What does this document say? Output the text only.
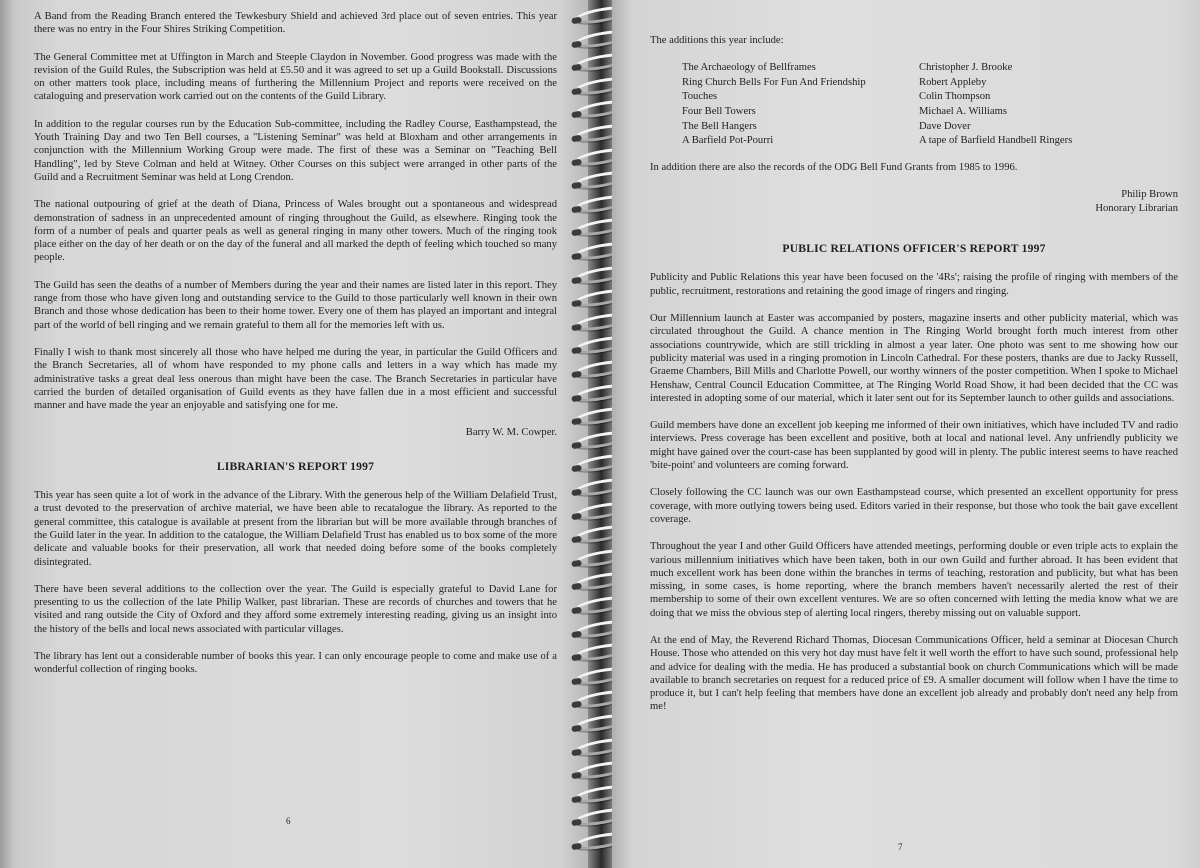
A Band from the Reading Branch entered the Tewkesbury Shield and achieved 3rd place out of seven entries. This year there was no entry in the Four Shires Striking Competition.

The General Committee met at Uffington in March and Steeple Claydon in November. Good progress was made with the revision of the Guild Rules, the Subscription was held at £5.50 and it was agreed to set up a Guild Bookstall. Discussions on other matters took place, including means of furthering the Millennium Project and reports were received on the cataloguing and preservation work carried out on the contents of the Guild Library.

In addition to the regular courses run by the Education Sub-committee, including the Radley Course, Easthampstead, the Youth Training Day and two Ten Bell courses, a "Listening Seminar" was held at Bloxham and other arrangements in conjunction with the Millennium Working Group were made. The first of these was a Seminar on "Teaching Bell Handling", led by Steve Colman and held at Witney. Other Courses on this subject were arranged in other parts of the Guild and a Recruitment Seminar was held at Long Crendon.

The national outpouring of grief at the death of Diana, Princess of Wales brought out a spontaneous and widespread demonstration of sadness in an unprecedented amount of ringing throughout the Guild, as elsewhere. Ringing took the form of a number of peals and quarter peals as well as general ringing in many other towers. Much of the ringing took place either on the day of her death or on the day of the funeral and all marked the depth of feeling which touched so many people.

The Guild has seen the deaths of a number of Members during the year and their names are listed later in this report. They range from those who have given long and outstanding service to the Guild to those particularly well known in their own Branch and those whose dedication has been to their home tower. Every one of them has played an important and integral part of the world of bell ringing and we remain grateful to them all for the memories left with us.

Finally I wish to thank most sincerely all those who have helped me during the year, in particular the Guild Officers and the Branch Secretaries, all of whom have responded to my phone calls and letters in a way which has made my administrative tasks a great deal less onerous than might have been the case. The Branch Secretaries in particular have carried the burden of detailed organisation of Guild events as they have fallen due in a most efficient and successful manner and have made the year an enjoyable and satisfying one for me.

Barry W. M. Cowper.
LIBRARIAN'S REPORT 1997

This year has seen quite a lot of work in the advance of the Library. With the generous help of the William Delafield Trust, a trust devoted to the preservation of archive material, we have been able to recatalogue the library. As reported to the general committee, this catalogue is available at present from the librarian but will be more available through branches of the Guild later in the year. In addition to the catalogue, the William Delafield Trust has enabled us to box some of the more delicate and valuable books for their preservation, all work that needed doing before some of the books completely disintegrated.

There have been several additions to the collection over the year. The Guild is especially grateful to David Lane for presenting to us the collection of the late Philip Walker, past librarian. These are records of churches and towers that he visited and rang outside the City of Oxford and they afford some extremely interesting reading, giving us an insight into the history of the bells and local news associated with particular villages.

The library has lent out a considerable number of books this year. I can only encourage people to come and make use of a wonderful collection of ringing books.

6

The additions this year include:

The Archaeology of Bellframes
Ring Church Bells For Fun And Friendship
Touches
Four Bell Towers
The Bell Hangers
A Barfield Pot-Pourri
Christopher J. Brooke
Robert Appleby
Colin Thompson
Michael A. Williams
Dave Dover
A tape of Barfield Handbell Ringers

In addition there are also the records of the ODG Bell Fund Grants from 1985 to 1996.

Philip Brown
Honorary Librarian
PUBLIC RELATIONS OFFICER'S REPORT 1997

Publicity and Public Relations this year have been focused on the '4Rs'; raising the profile of ringing with members of the public, recruitment, restorations and retaining the good image of ringers and ringing.

Our Millennium launch at Easter was accompanied by posters, magazine inserts and other publicity material, which was circulated throughout the Guild. A chance mention in The Ringing World brought forth much interest from other associations countrywide, which are still trickling in almost a year later. One photo was sent to me showing how our publicity material was used in a ringing promotion in Lincoln Cathedral. For these posters, thanks are due to Jacky Russell, Graeme Chambers, Bill Mills and Charlotte Powell, our worthy winners of the poster competition. When I spoke to Michael Henshaw, Central Council Education Committee, at The Ringing World Road Show, it had been decided that the CC was interested in adopting some of our material, which it later sent out for its September launch to other guilds and associations.

Guild members have done an excellent job keeping me informed of their own initiatives, which have included TV and radio interviews. Press coverage has been excellent and positive, both at local and national level. Any unfriendly publicity we might have gained over the court-case has been supplanted by good will in plenty. The public interest seems to have reached 'bite-point' and volunteers are coming forward.

Closely following the CC launch was our own Easthampstead course, which presented an excellent opportunity for press coverage, with more outlying towers being used. Editors varied in their response, but those who took the bait gave excellent coverage.

Throughout the year I and other Guild Officers have attended meetings, performing double or even triple acts to explain the various millennium initiatives which have been taken, both in our own Guild and further abroad. It has been evident that much excellent work has been done within the branches in terms of teaching, restoration and publicity, but what has been missing, in some cases, is home reporting, where the branch members haven't necessarily alerted the rest of their membership to some of their own excellent ventures. We are so often concerned with letting the media know what we are doing that we miss the obvious step of alerting local ringers, thereby missing out on valuable support.

At the end of May, the Reverend Richard Thomas, Diocesan Communications Officer, held a seminar at Diocesan Church House. Those who attended on this very hot day must have felt it well worth the effort to have such sound, professional help and advice for dealing with the media. He has produced a substantial book on church Communications which will be made available to branch secretaries on request for a reduced price of £9. A smaller document will follow when I have the time to produce it, but I can't help feeling that members have done an excellent job already and probably don't need any help from me!

7
